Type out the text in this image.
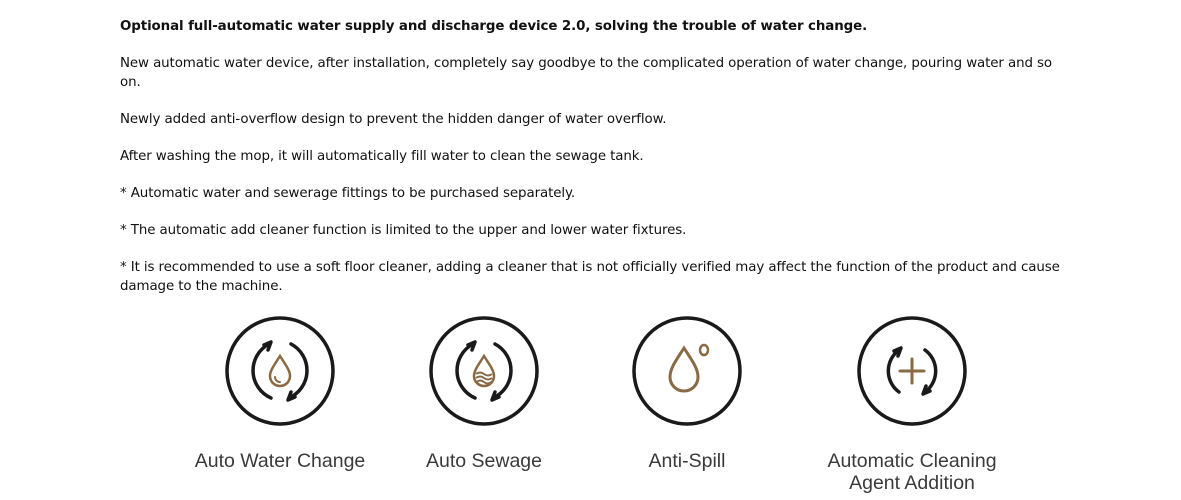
Optional full-automatic water supply and discharge device 2.0, solving the trouble of water change.

New automatic water device, after installation, completely say goodbye to the complicated operation of water change, pouring water and so on.

Newly added anti-overflow design to prevent the hidden danger of water overflow.

After washing the mop, it will automatically fill water to clean the sewage tank.

* Automatic water and sewerage fittings to be purchased separately.

* The automatic add cleaner function is limited to the upper and lower water fixtures.

* It is recommended to use a soft floor cleaner, adding a cleaner that is not officially verified may affect the function of the product and cause damage to the machine.

Auto Water Change	Auto Sewage	Anti-Spill	Automatic Cleaning
Agent Addition
